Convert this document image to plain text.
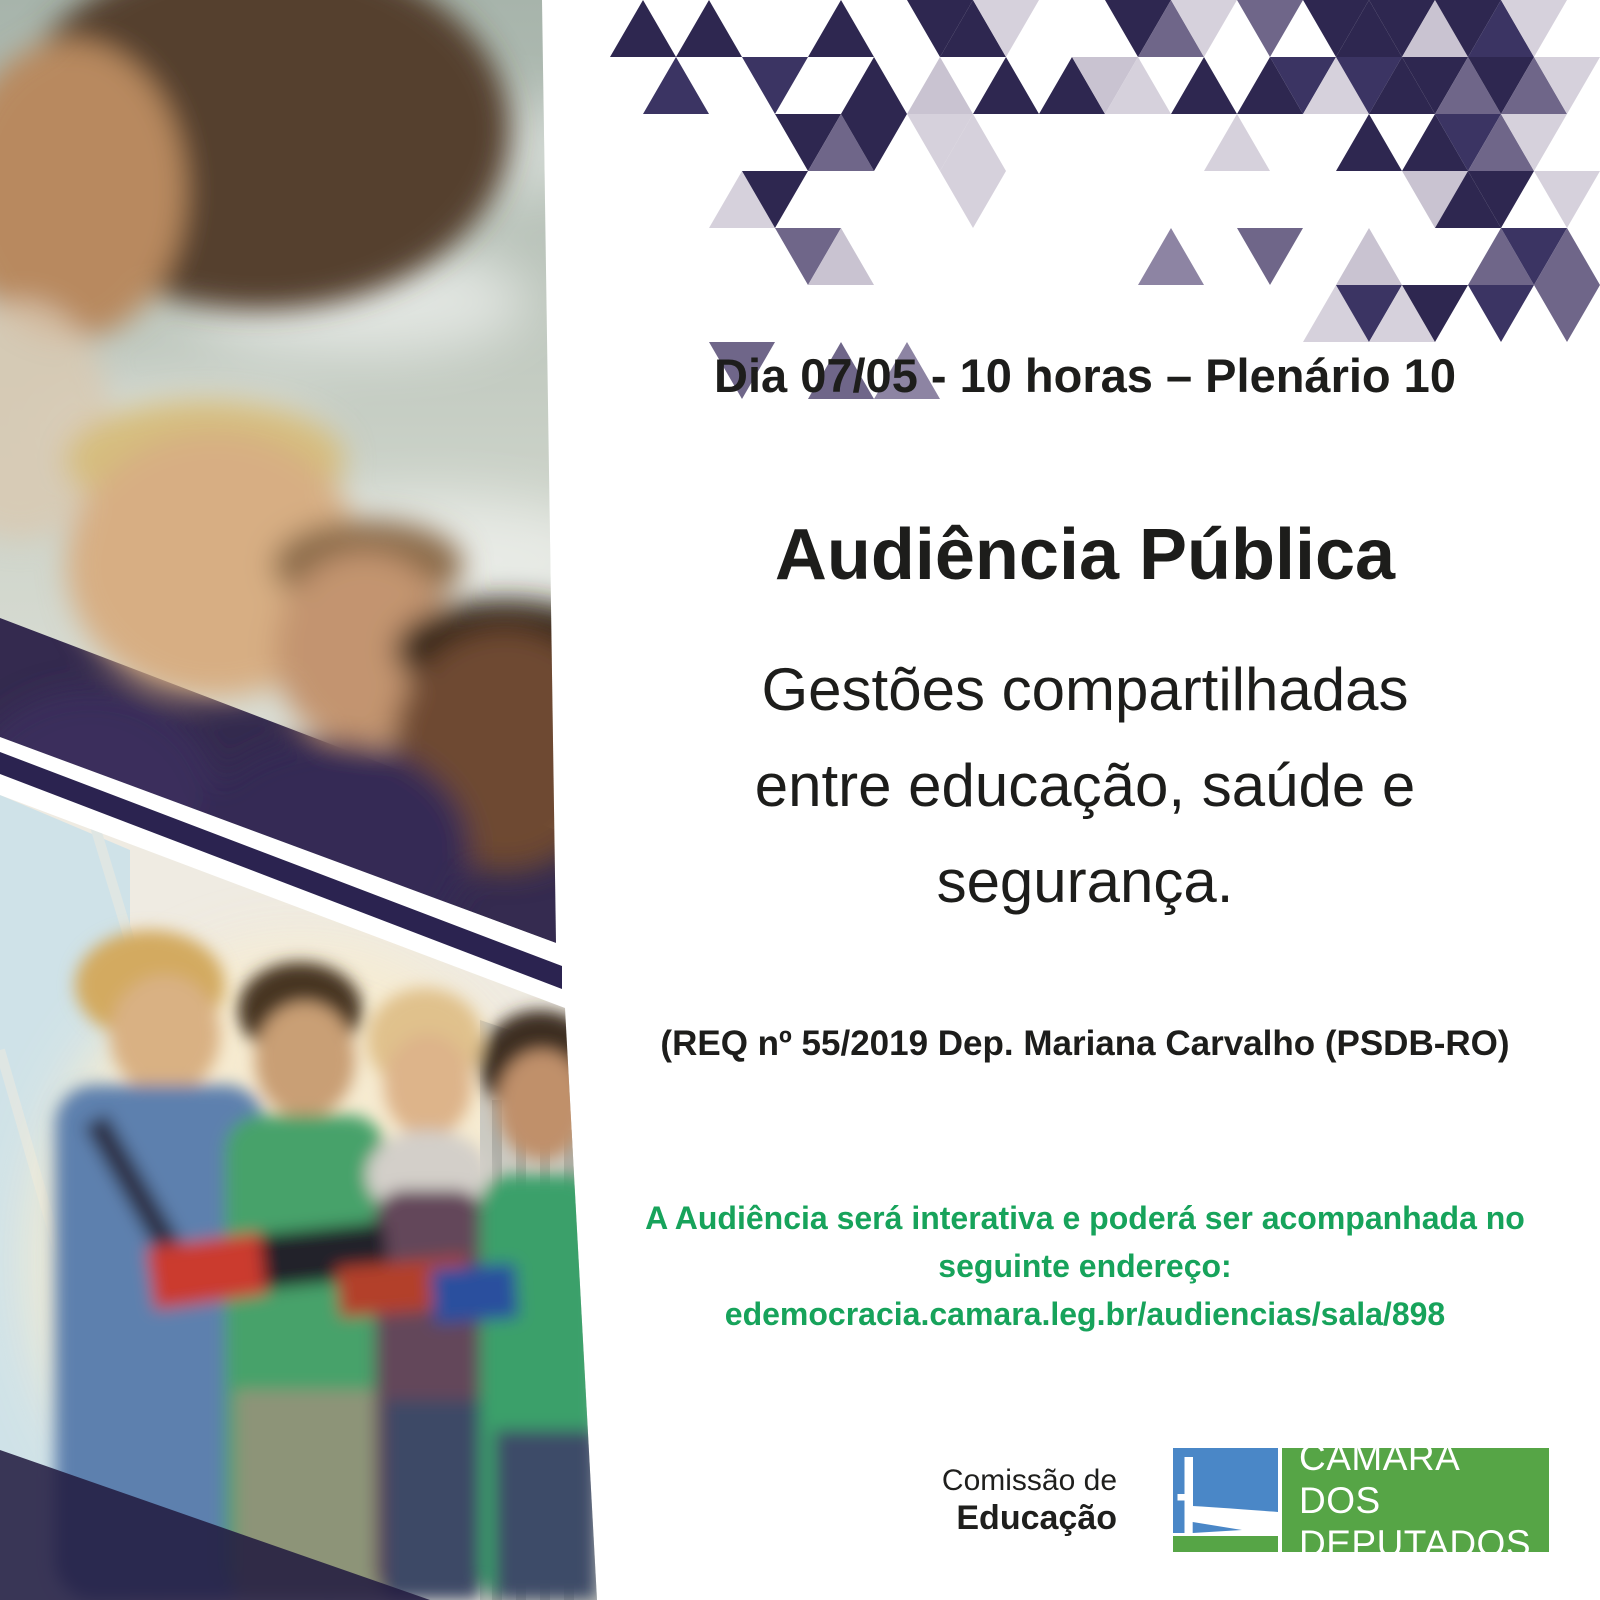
Dia 07/05 - 10 horas – Plenário 10
Audiência Pública
Gestões compartilhadas
entre educação, saúde e
segurança.
(REQ nº 55/2019 Dep. Mariana Carvalho (PSDB-RO)
A Audiência será interativa e poderá ser acompanhada no
seguinte endereço:
edemocracia.camara.leg.br/audiencias/sala/898
Comissão de
Educação
CÂMARA DOS
DEPUTADOS
